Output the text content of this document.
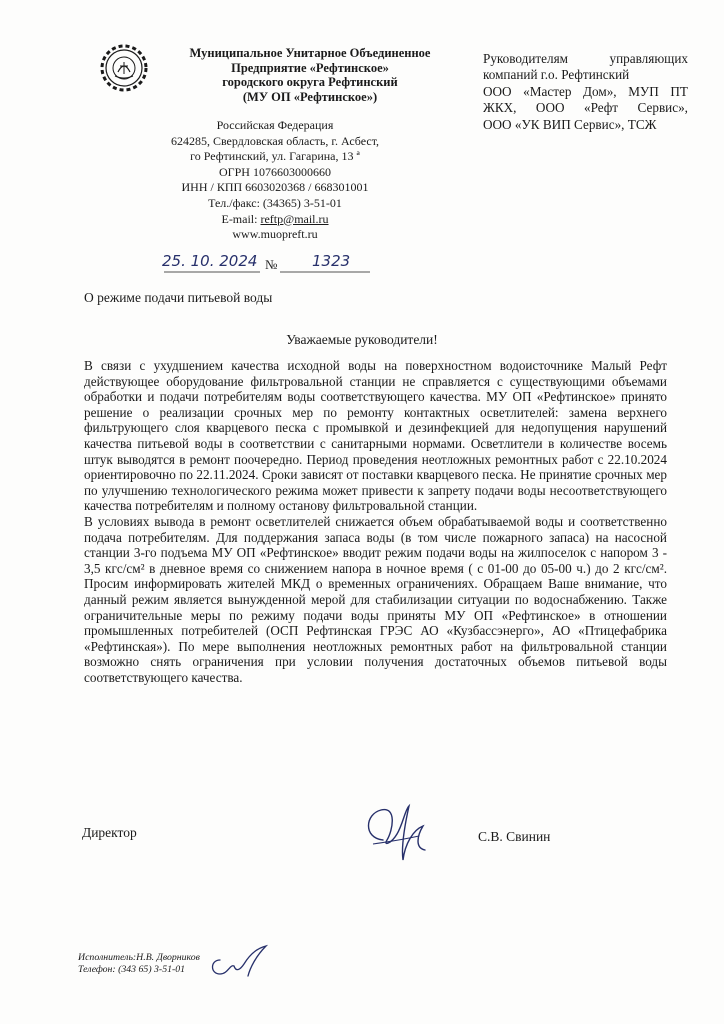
Муниципальное Унитарное Объединенное
Предприятие «Рефтинское»
городского округа Рефтинский
(МУ ОП «Рефтинское»)
Российская Федерация
624285, Свердловская область, г. Асбест,
го Рефтинский, ул. Гагарина, 13 ª
ОГРН 1076603000660
ИНН / КПП 6603020368 / 668301001
Тел./факс: (34365) 3-51-01
E-mail: reftp@mail.ru
www.muopreft.ru
Руководителям	управляющих
компаний г.о. Рефтинский
ООО «Мастер Дом», МУП ПТ
ЖКХ, ООО «Рефт Сервис»,
ООО «УК ВИП Сервис», ТСЖ
25. 10. 2024 № 1323
О режиме подачи питьевой воды
Уважаемые руководители!

В связи с ухудшением качества исходной воды на поверхностном водоисточнике Малый Рефт действующее оборудование фильтровальной станции не справляется с существующими объемами обработки и подачи потребителям воды соответствующего качества. МУ ОП «Рефтинское» принято решение о реализации срочных мер по ремонту контактных осветлителей: замена верхнего фильтрующего слоя кварцевого песка с промывкой и дезинфекцией для недопущения нарушений качества питьевой воды в соответствии с санитарными нормами. Осветлители в количестве восемь штук выводятся в ремонт поочередно. Период проведения неотложных ремонтных работ с 22.10.2024 ориентировочно по 22.11.2024. Сроки зависят от поставки кварцевого песка. Не принятие срочных мер по улучшению технологического режима может привести к запрету подачи воды несоответствующего качества потребителям и полному останову фильтровальной станции.

В условиях вывода в ремонт осветлителей снижается объем обрабатываемой воды и соответственно подача потребителям. Для поддержания запаса воды (в том числе пожарного запаса) на насосной станции 3-го подъема МУ ОП «Рефтинское» вводит режим подачи воды на жилпоселок с напором 3 - 3,5 кгс/см² в дневное время со снижением напора в ночное время ( с 01-00 до 05-00 ч.) до 2 кгс/см². Просим информировать жителей МКД о временных ограничениях. Обращаем Ваше внимание, что данный режим является вынужденной мерой для стабилизации ситуации по водоснабжению. Также ограничительные меры по режиму подачи воды приняты МУ ОП «Рефтинское» в отношении промышленных потребителей (ОСП Рефтинская ГРЭС АО «Кузбассэнерго», АО «Птицефабрика «Рефтинская»). По мере выполнения неотложных ремонтных работ на фильтровальной станции возможно снять ограничения при условии получения достаточных объемов питьевой воды соответствующего качества.

Директор	С.В. Свинин
Исполнитель:Н.В. Дворников
Телефон: (343 65) 3-51-01
